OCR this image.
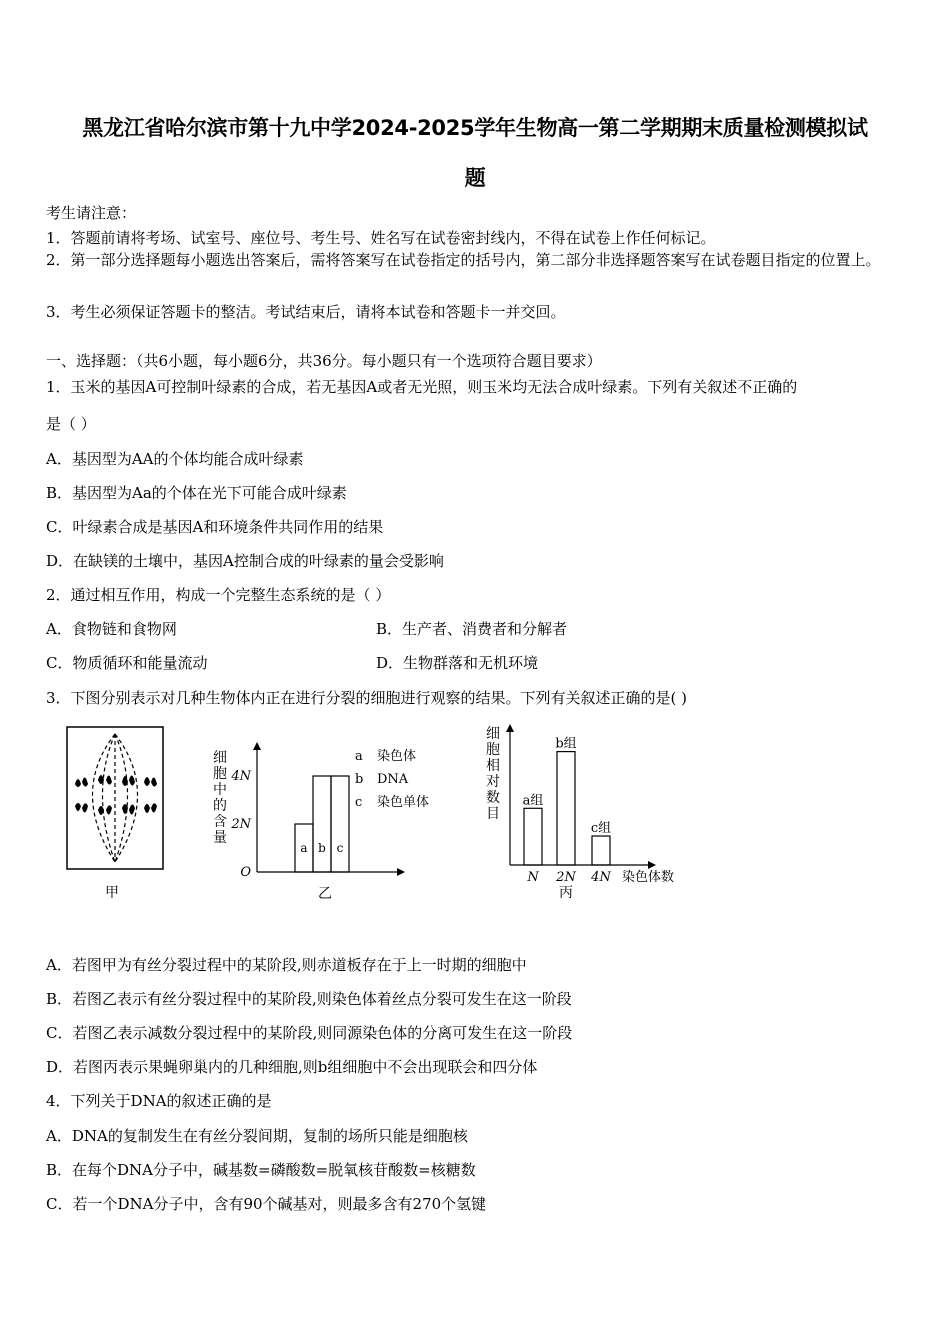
黑龙江省哈尔滨市第十九中学2024-2025学年生物高一第二学期期末质量检测模拟试
题
考生请注意：
1．答题前请将考场、试室号、座位号、考生号、姓名写在试卷密封线内，不得在试卷上作任何标记。
2．第一部分选择题每小题选出答案后，需将答案写在试卷指定的括号内，第二部分非选择题答案写在试卷题目指定的位置上。
3．考生必须保证答题卡的整洁。考试结束后，请将本试卷和答题卡一并交回。
一、选择题：（共6小题，每小题6分，共36分。每小题只有一个选项符合题目要求）
1．玉米的基因A可控制叶绿素的合成，若无基因A或者无光照，则玉米均无法合成叶绿素。下列有关叙述不正确的
是（ ）
A．基因型为AA的个体均能合成叶绿素
B．基因型为Aa的个体在光下可能合成叶绿素
C．叶绿素合成是基因A和环境条件共同作用的结果
D．在缺镁的土壤中，基因A控制合成的叶绿素的量会受影响
2．通过相互作用，构成一个完整生态系统的是（ ）
A．食物链和食物网	B．生产者、消费者和分解者
C．物质循环和能量流动	D．生物群落和无机环境
3．下图分别表示对几种生物体内正在进行分裂的细胞进行观察的结果。下列有关叙述正确的是( )
甲
细
胞
中
的
含
量
O
2N
4N
a b c
a 染色体
b DNA
c 染色单体
乙
细
胞
相
对
数
目
a组
N
b组
2N
c组
4N 染色体数
丙
A．若图甲为有丝分裂过程中的某阶段,则赤道板存在于上一时期的细胞中
B．若图乙表示有丝分裂过程中的某阶段,则染色体着丝点分裂可发生在这一阶段
C．若图乙表示减数分裂过程中的某阶段,则同源染色体的分离可发生在这一阶段
D．若图丙表示果蝇卵巢内的几种细胞,则b组细胞中不会出现联会和四分体
4．下列关于DNA的叙述正确的是
A．DNA的复制发生在有丝分裂间期，复制的场所只能是细胞核
B．在每个DNA分子中，碱基数=磷酸数=脱氧核苷酸数=核糖数
C．若一个DNA分子中，含有90个碱基对，则最多含有270个氢键
